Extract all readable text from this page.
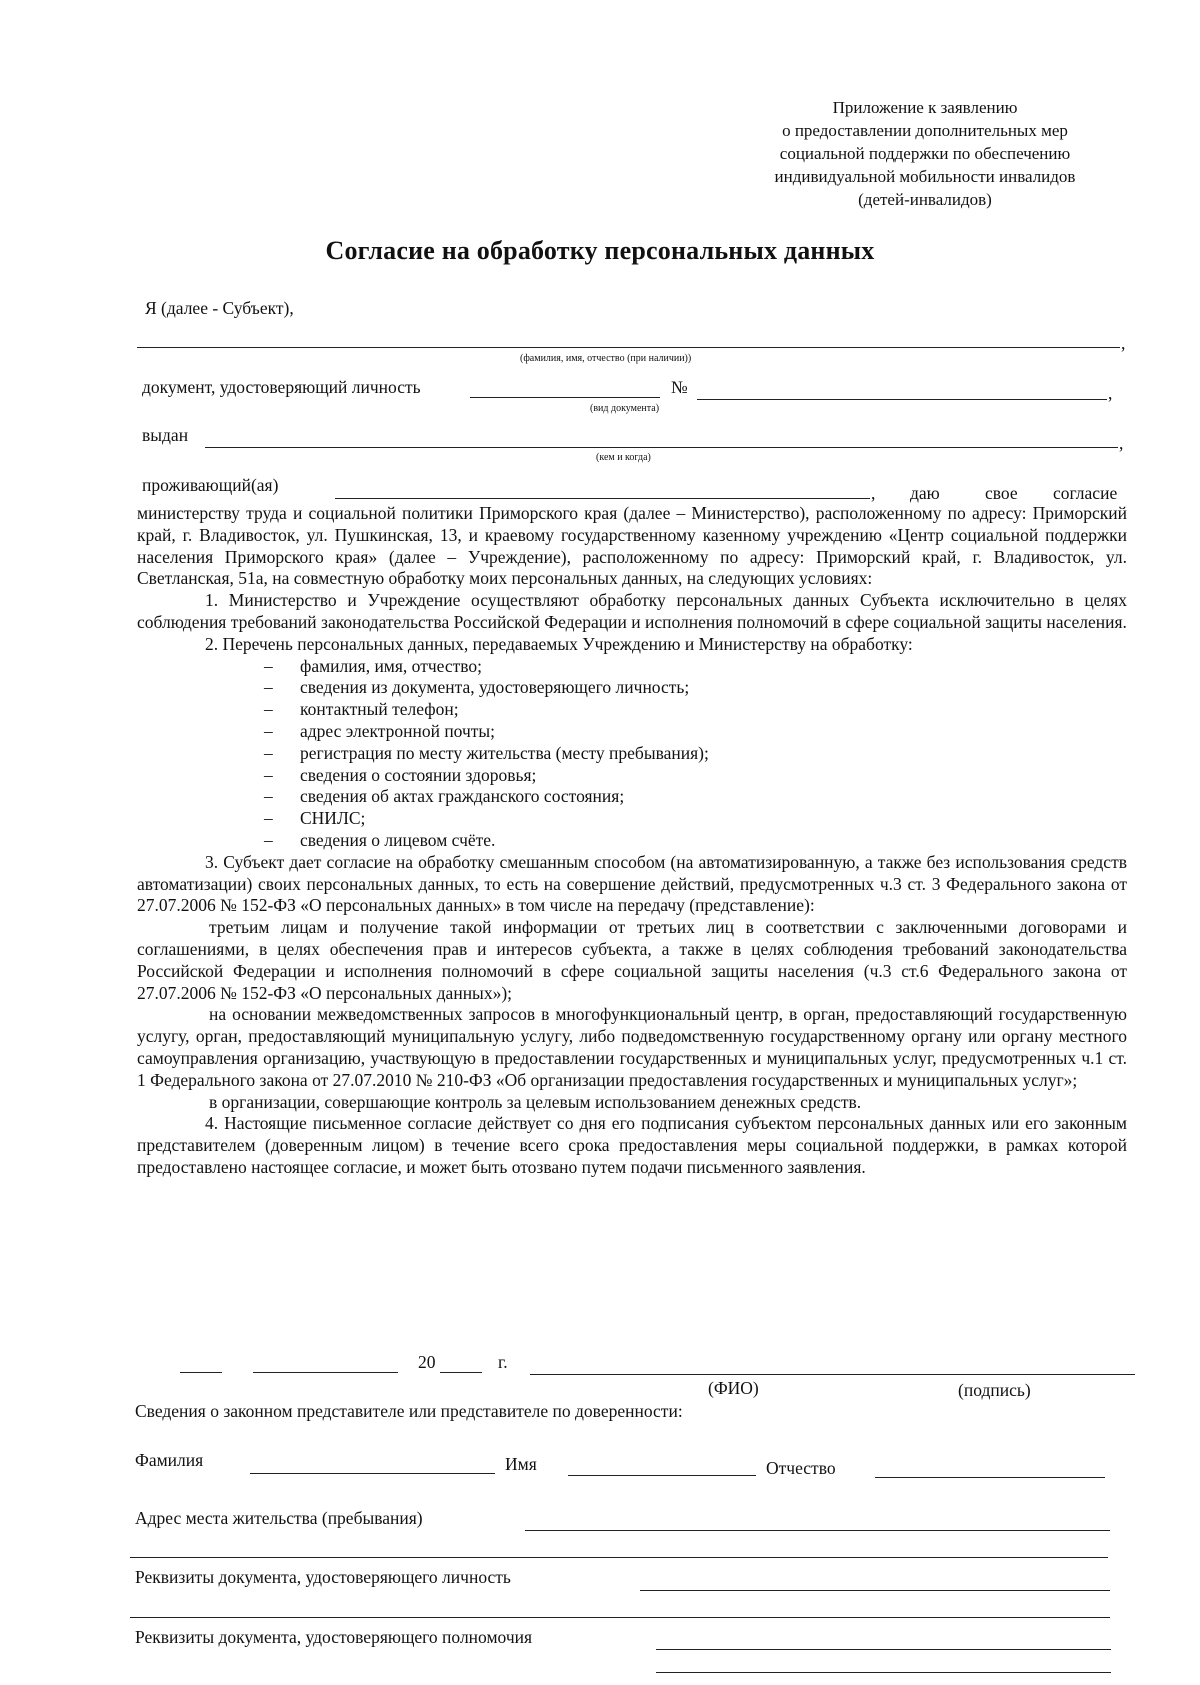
Приложение к заявлению
о предоставлении дополнительных мер
социальной поддержки по обеспечению
индивидуальной мобильности инвалидов
(детей-инвалидов)
Согласие на обработку персональных данных
Я (далее - Субъект),
,
(фамилия, имя, отчество (при наличии))
документ, удостоверяющий личность	№	,
(вид документа)
выдан	,
(кем и когда)
проживающий(ая)	, даю	свое согласие

министерству труда и социальной политики Приморского края (далее – Министерство), расположенному по адресу: Приморский край, г. Владивосток, ул. Пушкинская, 13, и краевому государственному казенному учреждению «Центр социальной поддержки населения Приморского края» (далее – Учреждение), расположенному по адресу: Приморский край, г. Владивосток, ул. Светланская, 51а, на совместную обработку моих персональных данных, на следующих условиях:

1. Министерство и Учреждение осуществляют обработку персональных данных Субъекта исключительно в целях соблюдения требований законодательства Российской Федерации и исполнения полномочий в сфере социальной защиты населения.

2. Перечень персональных данных, передаваемых Учреждению и Министерству на обработку:

– фамилия, имя, отчество;
– сведения из документа, удостоверяющего личность;
– контактный телефон;
– адрес электронной почты;
– регистрация по месту жительства (месту пребывания);
– сведения о состоянии здоровья;
– сведения об актах гражданского состояния;
– СНИЛС;
– сведения о лицевом счёте.

3. Субъект дает согласие на обработку смешанным способом (на автоматизированную, а также без использования средств автоматизации) своих персональных данных, то есть на совершение действий, предусмотренных ч.3 ст. 3 Федерального закона от 27.07.2006 № 152-ФЗ «О персональных данных» в том числе на передачу (представление):

третьим лицам и получение такой информации от третьих лиц в соответствии с заключенными договорами и соглашениями, в целях обеспечения прав и интересов субъекта, а также в целях соблюдения требований законодательства Российской Федерации и исполнения полномочий в сфере социальной защиты населения (ч.3 ст.6 Федерального закона от 27.07.2006 № 152-ФЗ «О персональных данных»);

на основании межведомственных запросов в многофункциональный центр, в орган, предоставляющий государственную услугу, орган, предоставляющий муниципальную услугу, либо подведомственную государственному органу или органу местного самоуправления организацию, участвующую в предоставлении государственных и муниципальных услуг, предусмотренных ч.1 ст. 1 Федерального закона от 27.07.2010 № 210-ФЗ «Об организации предоставления государственных и муниципальных услуг»;

в организации, совершающие контроль за целевым использованием денежных средств.

4. Настоящие письменное согласие действует со дня его подписания субъектом персональных данных или его законным представителем (доверенным лицом) в течение всего срока предоставления меры социальной поддержки, в рамках которой предоставлено настоящее согласие, и может быть отозвано путем подачи письменного заявления.

20	г.
(ФИО)	(подпись)
Сведения о законном представителе или представителе по доверенности:
Фамилия	Имя	Отчество
Адрес места жительства (пребывания)
Реквизиты документа, удостоверяющего личность
Реквизиты документа, удостоверяющего полномочия
